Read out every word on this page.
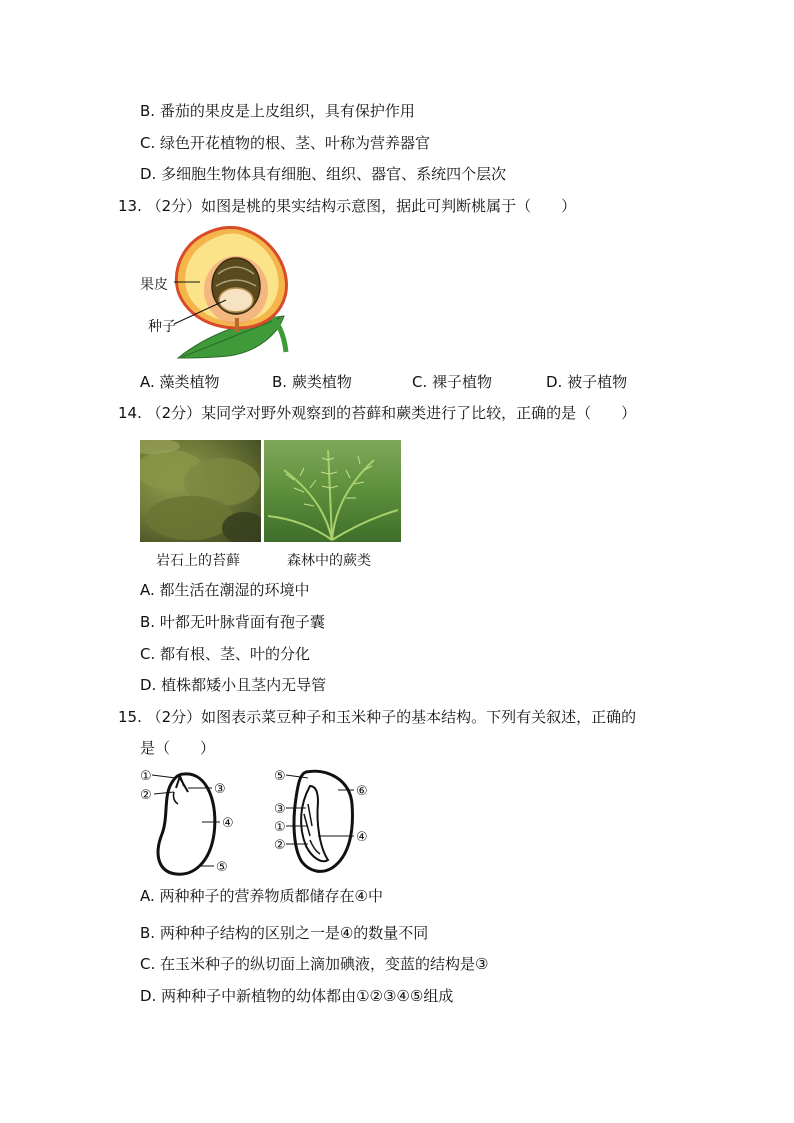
B. 番茄的果皮是上皮组织，具有保护作用
C. 绿色开花植物的根、茎、叶称为营养器官
D. 多细胞生物体具有细胞、组织、器官、系统四个层次
13. （2分）如图是桃的果实结构示意图，据此可判断桃属于（　　）
果皮
种子
A. 藻类植物	B. 蕨类植物	C. 裸子植物	D. 被子植物
14. （2分）某同学对野外观察到的苔藓和蕨类进行了比较，正确的是（　　）
岩石上的苔藓	森林中的蕨类
A. 都生活在潮湿的环境中
B. 叶都无叶脉背面有孢子囊
C. 都有根、茎、叶的分化
D. 植株都矮小且茎内无导管
15. （2分）如图表示菜豆种子和玉米种子的基本结构。下列有关叙述，正确的
是（　　）
①
②	③
④
⑤
⑤
⑥
③
①
④
②
A. 两种种子的营养物质都储存在④中
B. 两种种子结构的区别之一是④的数量不同
C. 在玉米种子的纵切面上滴加碘液，变蓝的结构是③
D. 两种种子中新植物的幼体都由①②③④⑤组成
